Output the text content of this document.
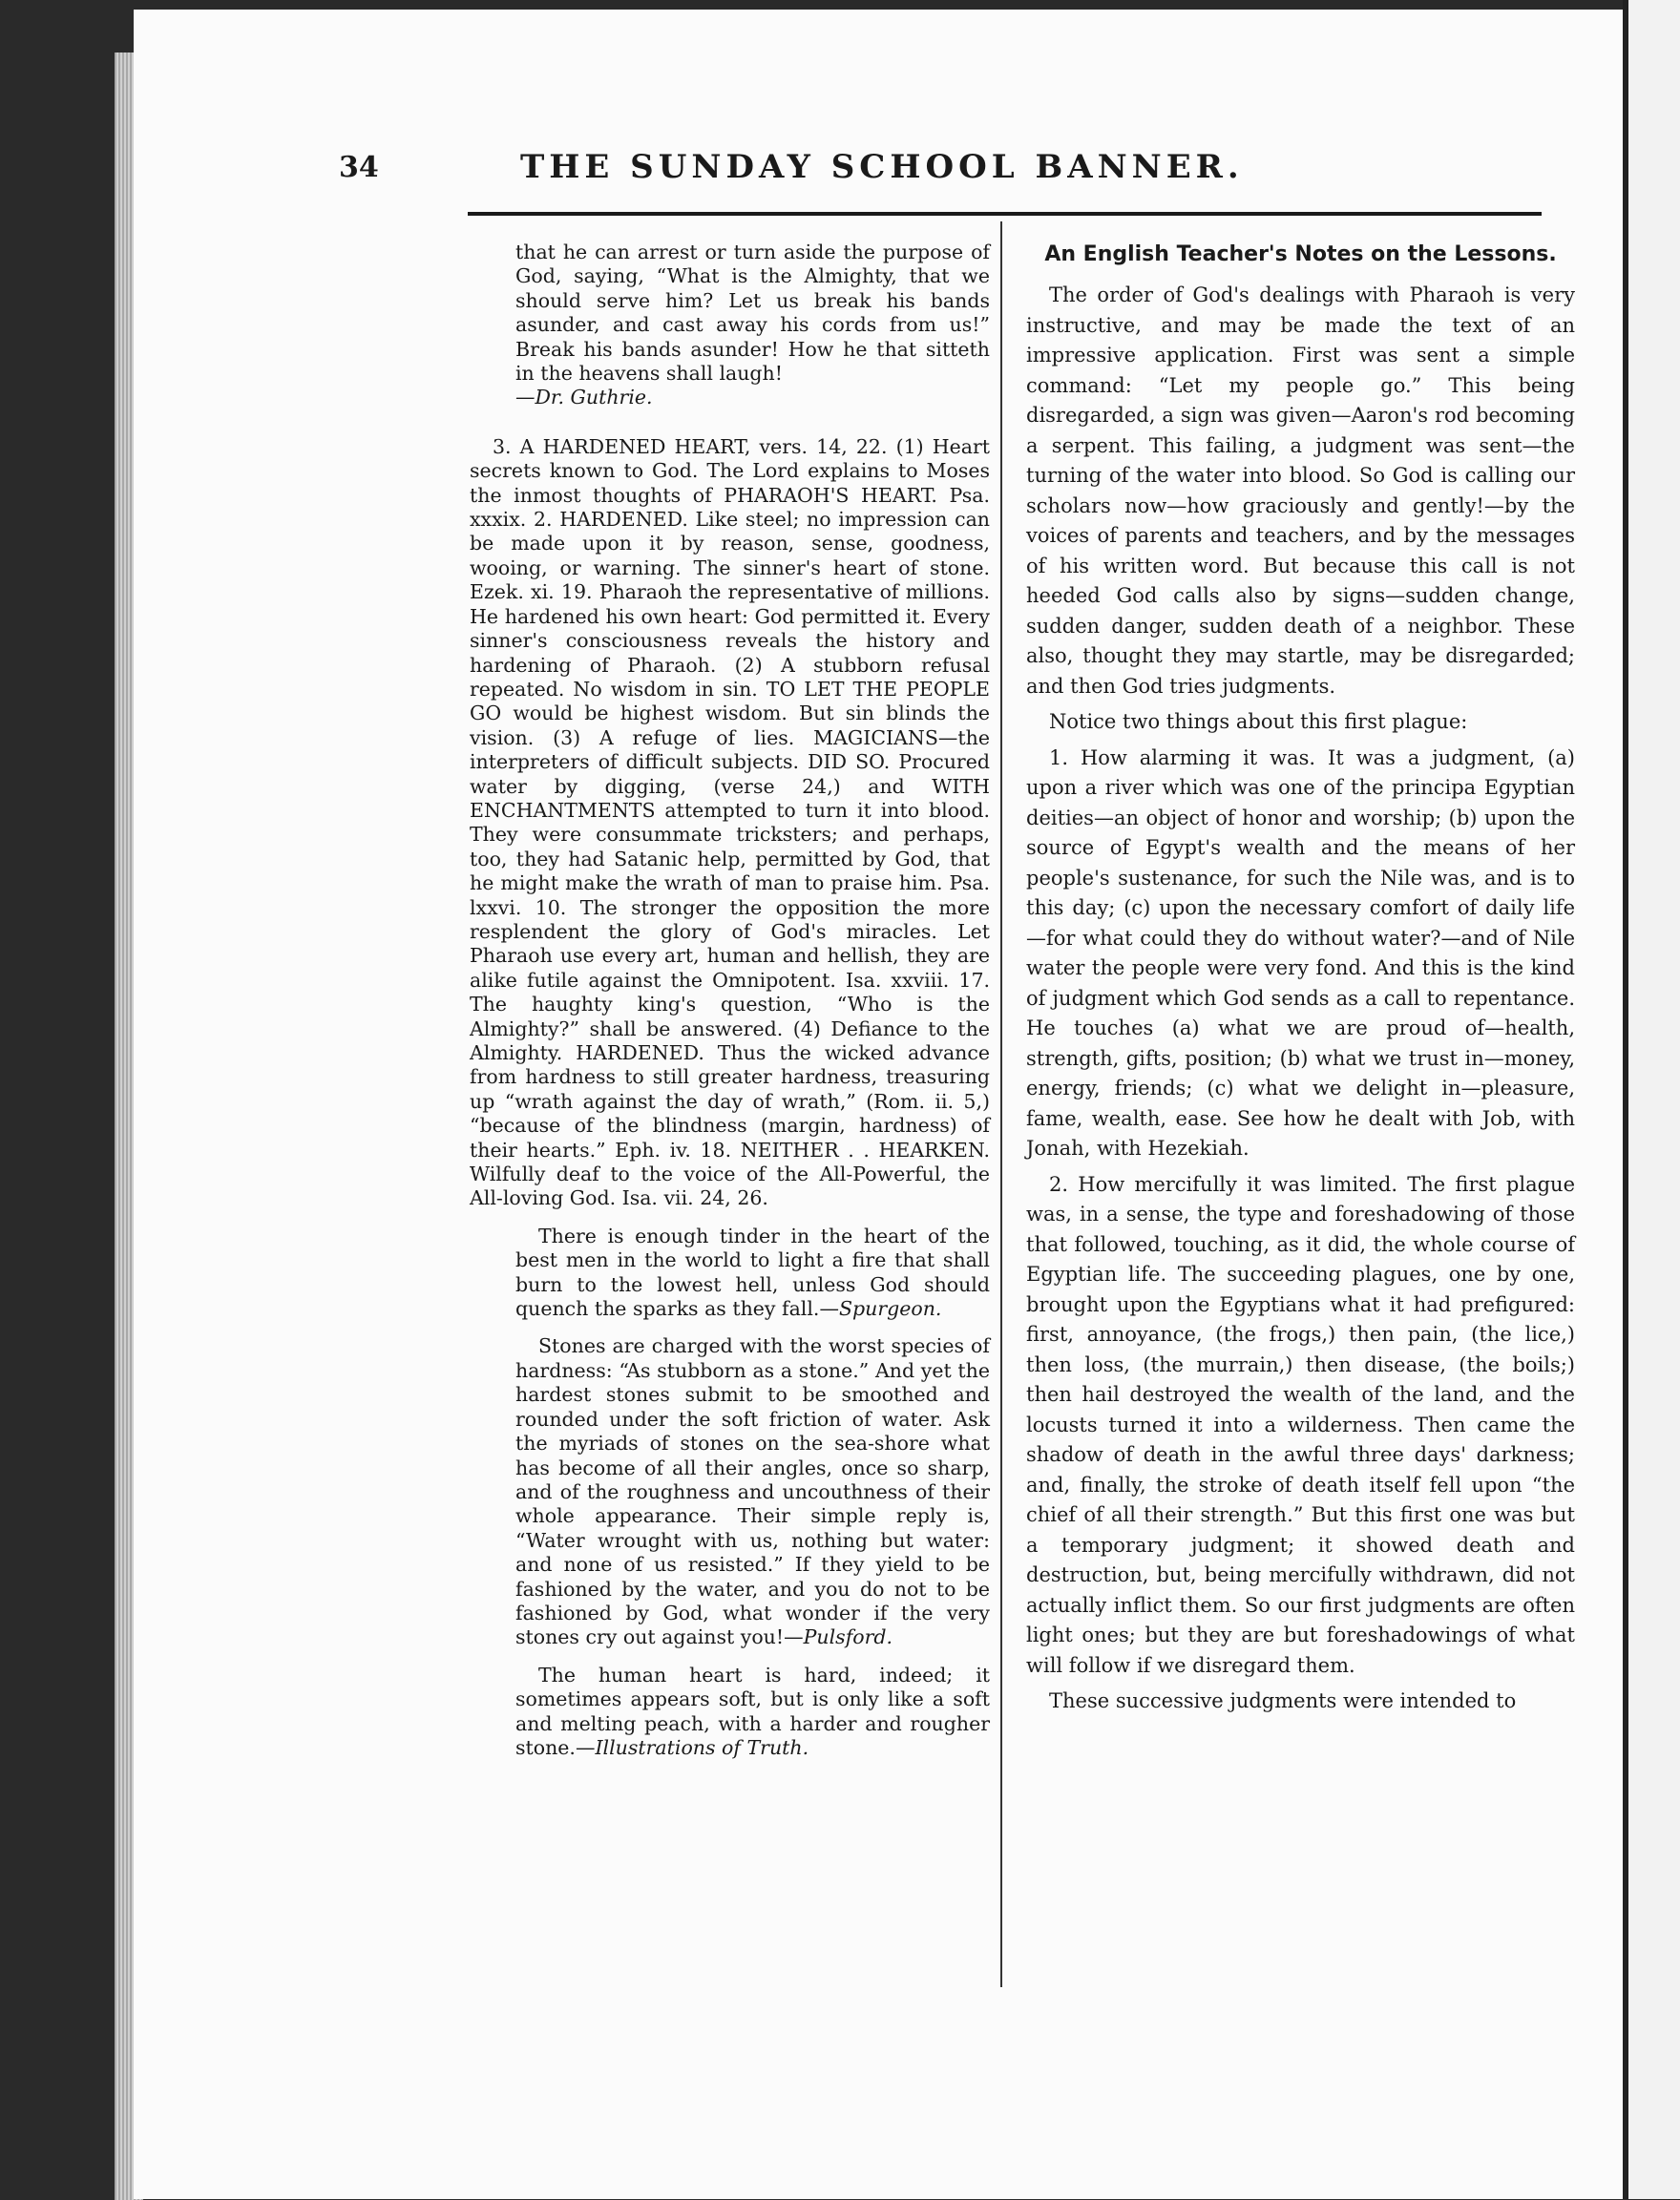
34	THE SUNDAY SCHOOL BANNER.

that he can arrest or turn aside the purpose of God, saying, “What is the Almighty, that we should serve him? Let us break his bands asunder, and cast away his cords from us!” Break his bands asunder! How he that sitteth in the heavens shall laugh!

—Dr. Guthrie.

3. A HARDENED HEART, vers. 14, 22. (1) Heart secrets known to God. The Lord explains to Moses the inmost thoughts of PHARAOH'S HEART. Psa. xxxix. 2. HARDENED. Like steel; no impression can be made upon it by reason, sense, goodness, wooing, or warning. The sinner's heart of stone. Ezek. xi. 19. Pharaoh the representative of millions. He hardened his own heart: God permitted it. Every sinner's consciousness reveals the history and hardening of Pharaoh. (2) A stubborn refusal repeated. No wisdom in sin. TO LET THE PEOPLE GO would be highest wisdom. But sin blinds the vision. (3) A refuge of lies. MAGICIANS—the interpreters of difficult subjects. DID SO. Procured water by digging, (verse 24,) and WITH ENCHANTMENTS attempted to turn it into blood. They were consummate tricksters; and perhaps, too, they had Satanic help, permitted by God, that he might make the wrath of man to praise him. Psa. lxxvi. 10. The stronger the opposition the more resplendent the glory of God's miracles. Let Pharaoh use every art, human and hellish, they are alike futile against the Omnipotent. Isa. xxviii. 17. The haughty king's question, “Who is the Almighty?” shall be answered. (4) Defiance to the Almighty. HARDENED. Thus the wicked advance from hardness to still greater hardness, treasuring up “wrath against the day of wrath,” (Rom. ii. 5,) “because of the blindness (margin, hardness) of their hearts.” Eph. iv. 18. NEITHER . . HEARKEN. Wilfully deaf to the voice of the All-Powerful, the All-loving God. Isa. vii. 24, 26.

There is enough tinder in the heart of the best men in the world to light a fire that shall burn to the lowest hell, unless God should quench the sparks as they fall.—Spurgeon.

Stones are charged with the worst species of hardness: “As stubborn as a stone.” And yet the hardest stones submit to be smoothed and rounded under the soft friction of water. Ask the myriads of stones on the sea-shore what has become of all their angles, once so sharp, and of the roughness and uncouthness of their whole appearance. Their simple reply is, “Water wrought with us, nothing but water: and none of us resisted.” If they yield to be fashioned by the water, and you do not to be fashioned by God, what wonder if the very stones cry out against you!—Pulsford.

The human heart is hard, indeed; it sometimes appears soft, but is only like a soft and melting peach, with a harder and rougher stone.—Illustrations of Truth.

An English Teacher's Notes on the Lessons.

The order of God's dealings with Pharaoh is very instructive, and may be made the text of an impressive application. First was sent a simple command: “Let my people go.” This being disregarded, a sign was given—Aaron's rod becoming a serpent. This failing, a judgment was sent—the turning of the water into blood. So God is calling our scholars now—how graciously and gently!—by the voices of parents and teachers, and by the messages of his written word. But because this call is not heeded God calls also by signs—sudden change, sudden danger, sudden death of a neighbor. These also, thought they may startle, may be disregarded; and then God tries judgments.

Notice two things about this first plague:

1. How alarming it was. It was a judgment, (a) upon a river which was one of the principa Egyptian deities—an object of honor and worship; (b) upon the source of Egypt's wealth and the means of her people's sustenance, for such the Nile was, and is to this day; (c) upon the necessary comfort of daily life—for what could they do without water?—and of Nile water the people were very fond. And this is the kind of judgment which God sends as a call to repentance. He touches (a) what we are proud of—health, strength, gifts, position; (b) what we trust in—money, energy, friends; (c) what we delight in—pleasure, fame, wealth, ease. See how he dealt with Job, with Jonah, with Hezekiah.

2. How mercifully it was limited. The first plague was, in a sense, the type and foreshadowing of those that followed, touching, as it did, the whole course of Egyptian life. The succeeding plagues, one by one, brought upon the Egyptians what it had prefigured: first, annoyance, (the frogs,) then pain, (the lice,) then loss, (the murrain,) then disease, (the boils;) then hail destroyed the wealth of the land, and the locusts turned it into a wilderness. Then came the shadow of death in the awful three days' darkness; and, finally, the stroke of death itself fell upon “the chief of all their strength.” But this first one was but a temporary judgment; it showed death and destruction, but, being mercifully withdrawn, did not actually inflict them. So our first judgments are often light ones; but they are but foreshadowings of what will follow if we disregard them.

These successive judgments were intended to
